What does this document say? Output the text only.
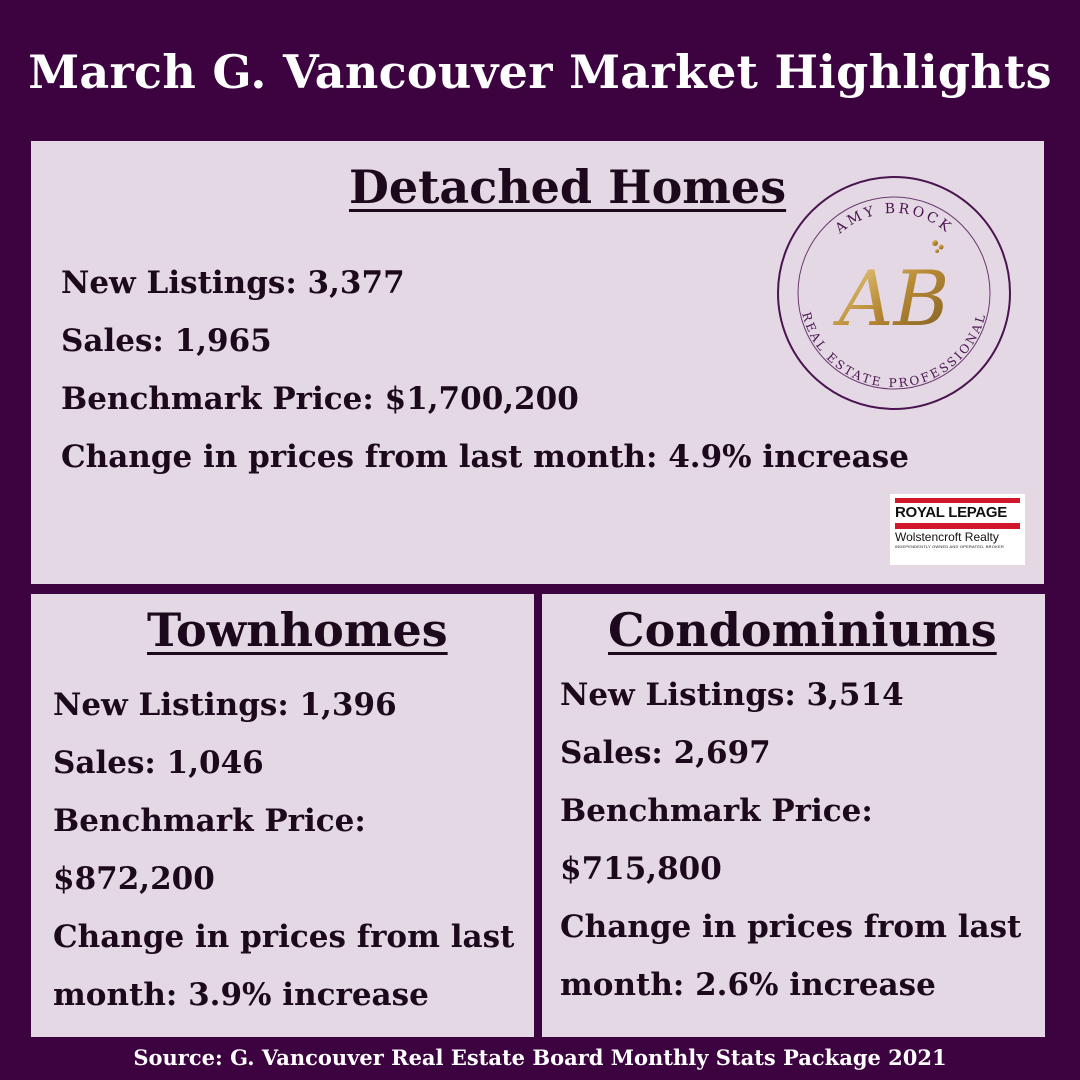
March G. Vancouver Market Highlights
Detached Homes
New Listings: 3,377
Sales: 1,965
Benchmark Price: $1,700,200
Change in prices from last month: 4.9% increase
AMY BROCK
REAL ESTATE PROFESSIONAL
AB
ROYAL LEPAGE
Wolstencroft Realty
INDEPENDENTLY OWNED AND OPERATED, BROKER
Townhomes
New Listings: 1,396
Sales: 1,046
Benchmark Price: $872,200
Change in prices from last month: 3.9% increase
Condominiums
New Listings: 3,514
Sales: 2,697
Benchmark Price: $715,800
Change in prices from last month: 2.6% increase
Source: G. Vancouver Real Estate Board Monthly Stats Package 2021
